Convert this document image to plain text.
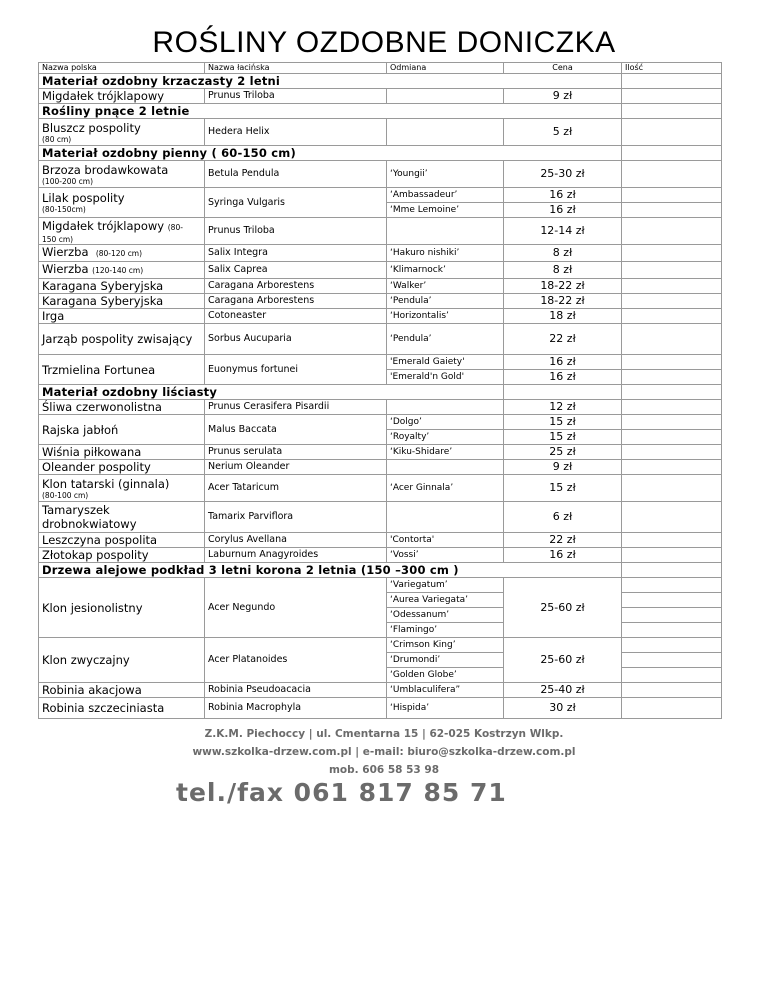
ROŚLINY OZDOBNE DONICZKA
Nazwa polska	Nazwa łacińska	Odmiana	Cena	Ilość
Materiał ozdobny krzaczasty 2 letni				
Migdałek trójklapowy	Prunus Triloba		9 zł	
Rośliny pnące 2 letnie				
Bluszcz pospolity
(80 cm)	Hedera Helix		5 zł	
Materiał ozdobny pienny ( 60-150 cm)				
Brzoza brodawkowata
(100-200 cm)	Betula Pendula	‘Youngii’	25-30 zł	
Lilak pospolity
(80-150cm)	Syringa Vulgaris	‘Ambassadeur’	16 zł	
		‘Mme Lemoine’	16 zł	
Migdałek trójklapowy (80-
150 cm)	Prunus Triloba		12-14 zł	
Wierzba (80-120 cm)	Salix Integra	‘Hakuro nishiki’	8 zł	
Wierzba (120-140 cm)	Salix Caprea	‘Klimarnock’	8 zł	
Karagana Syberyjska	Caragana Arborestens	‘Walker’	18-22 zł	
Karagana Syberyjska	Caragana Arborestens	‘Pendula’	18-22 zł	
Irga	Cotoneaster	‘Horizontalis’	18 zł	
Jarząb pospolity zwisający	Sorbus Aucuparia	‘Pendula’	22 zł	
Trzmielina Fortunea	Euonymus fortunei	'Emerald Gaiety'	16 zł	
		'Emerald'n Gold'	16 zł	
Materiał ozdobny liściasty				
Śliwa czerwonolistna	Prunus Cerasifera Pisardii		12 zł	
Rajska jabłoń	Malus Baccata	‘Dolgo’	15 zł	
		‘Royalty’	15 zł	
Wiśnia piłkowana	Prunus serulata	‘Kiku-Shidare’	25 zł	
Oleander pospolity	Nerium Oleander		9 zł	
Klon tatarski (ginnala)
(80-100 cm)	Acer Tataricum	‘Acer Ginnala’	15 zł	

Tamaryszek
drobnokwiatowy	Tamarix Parviflora		6 zł	
Leszczyna pospolita	Corylus Avellana	'Contorta'	22 zł	
Złotokap pospolity	Laburnum Anagyroides	‘Vossi’	16 zł	
Drzewa alejowe podkład 3 letni korona 2 letnia (150 –300 cm )				
Klon jesionolistny	Acer Negundo	‘Variegatum’	25-60 zł	
		‘Aurea Variegata’		
		‘Odessanum’		
		‘Flamingo’		
Klon zwyczajny	Acer Platanoides	‘Crimson King’	25-60 zł	
		‘Drumondi’		
		‘Golden Globe’		
Robinia akacjowa	Robinia Pseudoacacia	‘Umblaculifera”	25-40 zł	
Robinia szczeciniasta	Robinia Macrophyla	‘Hispida’	30 zł	
Z.K.M. Piechoccy | ul. Cmentarna 15 | 62-025 Kostrzyn Wlkp.
www.szkolka-drzew.com.pl | e-mail: biuro@szkolka-drzew.com.pl
mob. 606 58 53 98
tel./fax 061 817 85 71
